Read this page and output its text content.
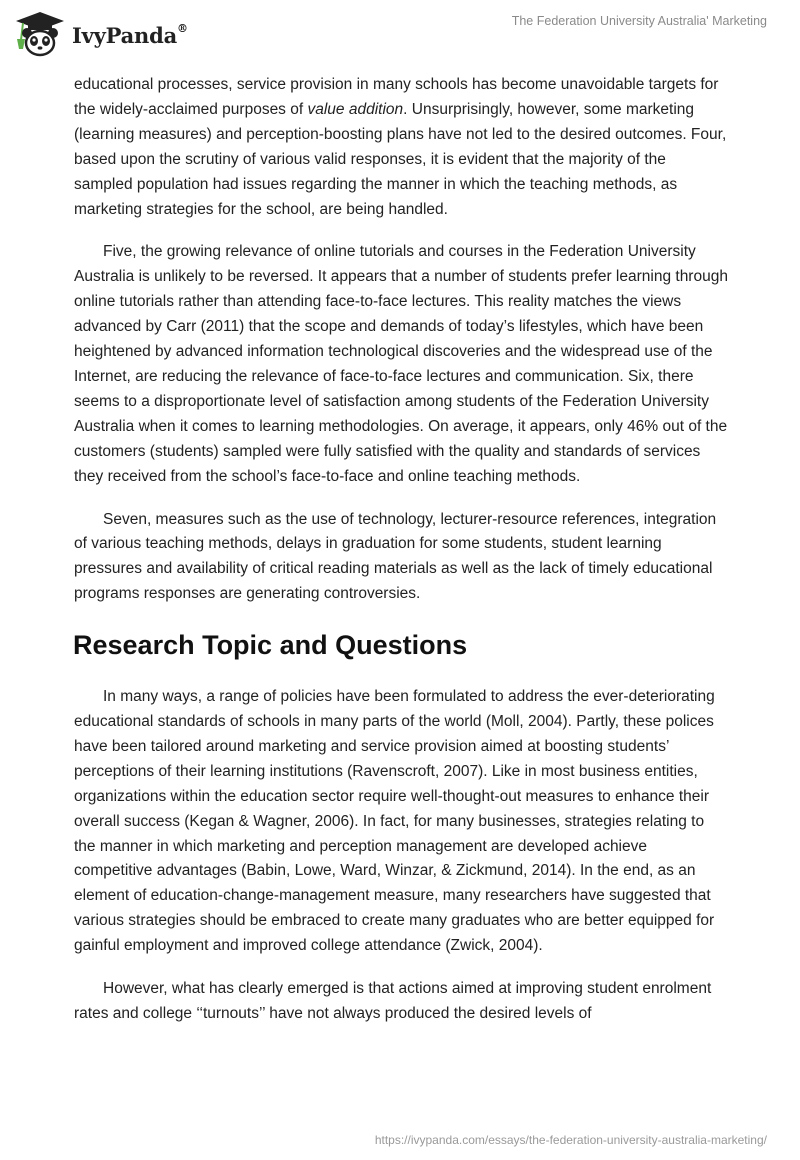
IvyPanda®	The Federation University Australia' Marketing

educational processes, service provision in many schools has become unavoidable targets for the widely-acclaimed purposes of value addition. Unsurprisingly, however, some marketing (learning measures) and perception-boosting plans have not led to the desired outcomes. Four, based upon the scrutiny of various valid responses, it is evident that the majority of the sampled population had issues regarding the manner in which the teaching methods, as marketing strategies for the school, are being handled.

Five, the growing relevance of online tutorials and courses in the Federation University Australia is unlikely to be reversed. It appears that a number of students prefer learning through online tutorials rather than attending face-to-face lectures. This reality matches the views advanced by Carr (2011) that the scope and demands of today’s lifestyles, which have been heightened by advanced information technological discoveries and the widespread use of the Internet, are reducing the relevance of face-to-face lectures and communication. Six, there seems to a disproportionate level of satisfaction among students of the Federation University Australia when it comes to learning methodologies. On average, it appears, only 46% out of the customers (students) sampled were fully satisfied with the quality and standards of services they received from the school’s face-to-face and online teaching methods.

Seven, measures such as the use of technology, lecturer-resource references, integration of various teaching methods, delays in graduation for some students, student learning pressures and availability of critical reading materials as well as the lack of timely educational programs responses are generating controversies.

Research Topic and Questions

In many ways, a range of policies have been formulated to address the ever-deteriorating educational standards of schools in many parts of the world (Moll, 2004). Partly, these polices have been tailored around marketing and service provision aimed at boosting students’ perceptions of their learning institutions (Ravenscroft, 2007). Like in most business entities, organizations within the education sector require well-thought-out measures to enhance their overall success (Kegan & Wagner, 2006). In fact, for many businesses, strategies relating to the manner in which marketing and perception management are developed achieve competitive advantages (Babin, Lowe, Ward, Winzar, & Zickmund, 2014). In the end, as an element of education-change-management measure, many researchers have suggested that various strategies should be embraced to create many graduates who are better equipped for gainful employment and improved college attendance (Zwick, 2004).

However, what has clearly emerged is that actions aimed at improving student enrolment rates and college ‘‘turnouts’’ have not always produced the desired levels of

https://ivypanda.com/essays/the-federation-university-australia-marketing/
